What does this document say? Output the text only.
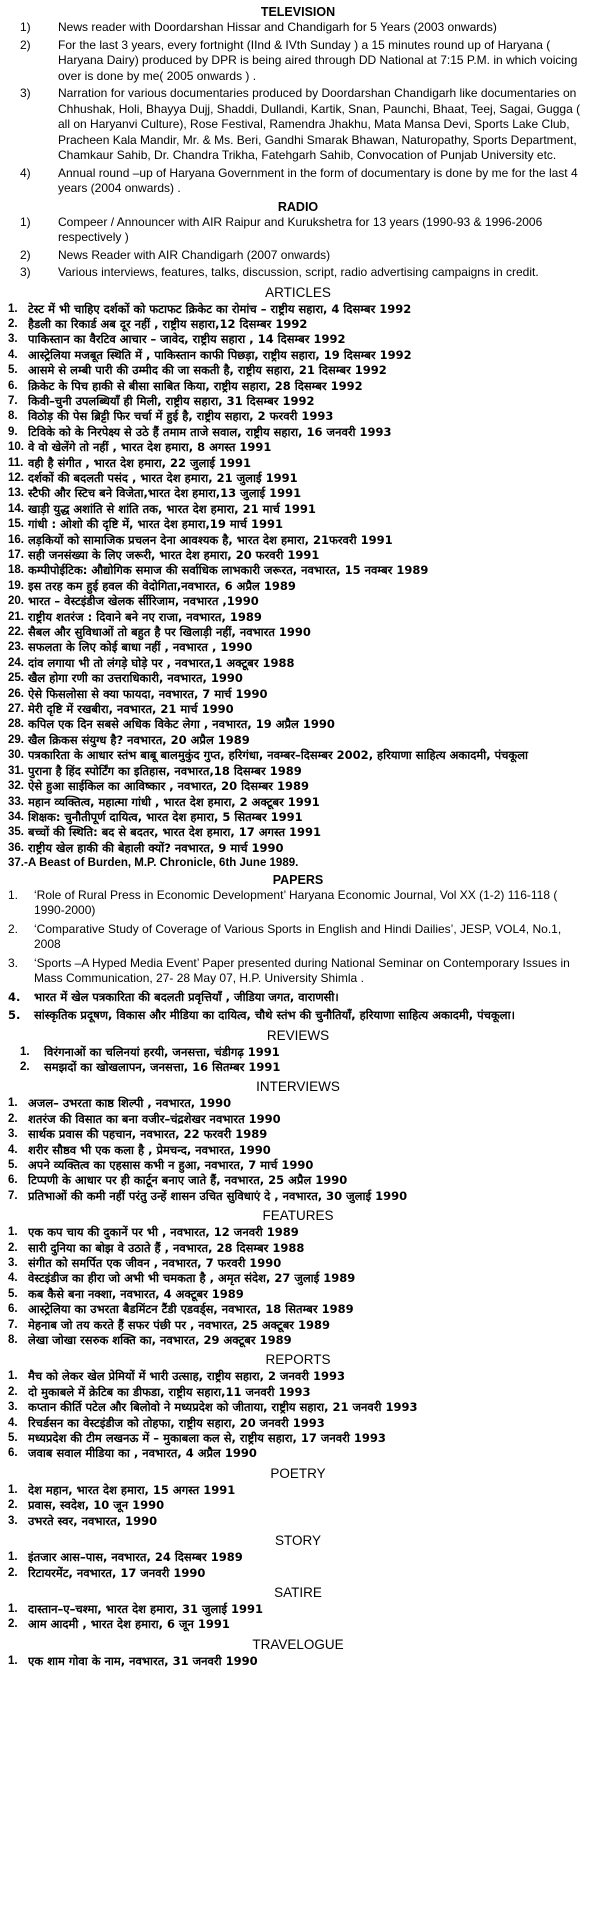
TELEVISION
1)	News reader with Doordarshan Hissar and Chandigarh for 5 Years (2003 onwards)
2)	For the last 3 years, every fortnight (IInd & IVth Sunday ) a 15 minutes round up of Haryana ( Haryana Dairy) produced by DPR is being aired through DD National at 7:15 P.M. in which voicing over is done by me( 2005 onwards ) .
3)	Narration for various documentaries produced by Doordarshan Chandigarh like documentaries on Chhushak, Holi, Bhayya Dujj, Shaddi, Dullandi, Kartik, Snan, Paunchi, Bhaat, Teej, Sagai, Gugga ( all on Haryanvi Culture), Rose Festival, Ramendra Jhakhu, Mata Mansa Devi, Sports Lake Club, Pracheen Kala Mandir, Mr. & Ms. Beri, Gandhi Smarak Bhawan, Naturopathy, Sports Department, Chamkaur Sahib, Dr. Chandra Trikha, Fatehgarh Sahib, Convocation of Punjab University etc.
4)	Annual round –up of Haryana Government in the form of documentary is done by me for the last 4 years (2004 onwards) .
RADIO
1)	Compeer / Announcer with AIR Raipur and Kurukshetra for 13 years (1990-93 & 1996-2006 respectively )
2)	News Reader with AIR Chandigarh (2007 onwards)
3)	Various interviews, features, talks, discussion, script, radio advertising campaigns in credit.
ARTICLES
1. टेस्ट में भी चाहिए दर्शकों को फटाफट क्रिकेट का रोमांच – राष्ट्रीय सहारा, 4 दिसम्बर 1992
2. हैडली का रिकार्ड अब दूर नहीं , राष्ट्रीय सहारा,12 दिसम्बर 1992
3. पाकिस्तान का वैरटिव आचार – जावेद, राष्ट्रीय सहारा , 14 दिसम्बर 1992
4. आस्ट्रेलिया मजबूत स्थिति में , पाकिस्तान काफी पिछड़ा, राष्ट्रीय सहारा, 19 दिसम्बर 1992
5. आसमे से लम्बी पारी की उम्मीद की जा सकती है, राष्ट्रीय सहारा, 21 दिसम्बर 1992
6. क्रिकेट के पिच हाकी से बीसा साबित किया, राष्ट्रीय सहारा, 28 दिसम्बर 1992
7. किवी–चुनी उपलब्धियाँ ही मिली, राष्ट्रीय सहारा, 31 दिसम्बर 1992
8. विठोड़ की पेस ब्रिट्टी फिर चर्चा में हुई है, राष्ट्रीय सहारा, 2 फरवरी 1993
9. टिविके को के निरपेक्ष्य से उठे हैं तमाम ताजे सवाल, राष्ट्रीय सहारा, 16 जनवरी 1993
10. वे वो खेलेंगे तो नहीं , भारत देश हमारा, 8 अगस्त 1991
11. वही है संगीत , भारत देश हमारा, 22 जुलाई 1991
12. दर्शकों की बदलती पसंद , भारत देश हमारा, 21 जुलाई 1991
13. स्टैफी और स्टिच बने विजेता,भारत देश हमारा,13 जुलाई 1991
14. खाड़ी युद्ध अशांति से शांति तक, भारत देश हमारा, 21 मार्च 1991
15. गांधी : ओशो की दृष्टि में, भारत देश हमारा,19 मार्च 1991
16. लड़कियों को सामाजिक प्रचलन देना आवश्यक है, भारत देश हमारा, 21फरवरी 1991
17. सही जनसंख्या के लिए जरूरी, भारत देश हमारा, 20 फरवरी 1991
18. कम्पीपोईटिक: औद्योगिक समाज की सर्वाधिक लाभकारी जरूरत, नवभारत, 15 नवम्बर 1989
19. इस तरह कम हुई हवल की वेदोगिता,नवभारत, 6 अप्रैल 1989
20. भारत – वेस्टइंडीज खेलक र्सीरिजाम, नवभारत ,1990
21. राष्ट्रीय शतरंज : दिवाने बने नए राजा, नवभारत, 1989
22. सैबल और सुविधाओं तो बहुत है पर खिलाड़ी नहीं, नवभारत 1990
23. सफलता के लिए कोई बाधा नहीं , नवभारत , 1990
24. दांव लगाया भी तो लंगड़े घोड़े पर , नवभारत,1 अक्टूबर 1988
25. खैल होगा रणी का उत्तराधिकारी, नवभारत, 1990
26. ऐसे फिसलोसा से क्या फायदा, नवभारत, 7 मार्च 1990
27. मेरी दृष्टि में रखबीरा, नवभारत, 21 मार्च 1990
28. कपिल एक दिन सबसे अधिक विकेट लेगा , नवभारत, 19 अप्रैल 1990
29. खैल क्रिकस संयुग्ध है? नवभारत, 20 अप्रैल 1989
30. पत्रकारिता के आधार स्तंभ बाबू बालमुकुंद गुप्त, हरिगंधा, नवम्बर–दिसम्बर 2002, हरियाणा साहित्य अकादमी, पंचकूला
31. पुराना है हिंद स्पोर्टिंग का इतिहास, नवभारत,18 दिसम्बर 1989
32. ऐसे हुआ साईकिल का आविष्कार , नवभारत, 20 दिसम्बर 1989
33. महान व्यक्तित्व, महात्मा गांधी , भारत देश हमारा, 2 अक्टूबर 1991
34. शिक्षक: चुनौतीपूर्ण दायित्व, भारत देश हमारा, 5 सितम्बर 1991
35. बच्चों की स्थिति: बद से बदतर, भारत देश हमारा, 17 अगस्त 1991
36. राष्ट्रीय खेल हाकी की बेहाली क्यों? नवभारत, 9 मार्च 1990
37.- A Beast of Burden, M.P. Chronicle, 6th June 1989.
PAPERS
1.	‘Role of Rural Press in Economic Development’ Haryana Economic Journal, Vol XX (1-2) 116-118 ( 1990-2000)
2.	‘Comparative Study of Coverage of Various Sports in English and Hindi Dailies’, JESP, VOL4, No.1, 2008
3.	‘Sports –A Hyped Media Event’ Paper presented during National Seminar on Contemporary Issues in Mass Communication, 27- 28 May 07, H.P. University Shimla .
4.	भारत में खेल पत्रकारिता की बदलती प्रवृत्तियाँ , जीडिया जगत, वाराणसी।
5.	सांस्कृतिक प्रदूषण, विकास और मीडिया का दायित्व, चौथे स्तंभ की चुनौतियाँ, हरियाणा साहित्य अकादमी, पंचकूला।
REVIEWS
1.	विरंगनाओं का चलिनयां हरयी, जनसत्ता, चंडीगढ़ 1991
2.	समझदों का खोखलापन, जनसत्ता, 16 सितम्बर 1991
INTERVIEWS
1. अजल– उभरता काष्ठ शिल्पी , नवभारत, 1990
2. शतरंज की विसात का बना वजीर–चंद्रशेखर नवभारत 1990
3. सार्थक प्रवास की पहचान, नवभारत, 22 फरवरी 1989
4. शरीर सौष्ठव भी एक कला है , प्रेमचन्द, नवभारत, 1990
5. अपने व्यक्तित्व का एहसास कभी न हुआ, नवभारत, 7 मार्च 1990
6. टिप्पणी के आधार पर ही कार्टून बनाए जाते हैं, नवभारत, 25 अप्रैल 1990
7. प्रतिभाओं की कमी नहीं परंतु उन्हें शासन उचित सुविधाएं दे , नवभारत, 30 जुलाई 1990
FEATURES
1. एक कप चाय की दुकानें पर भी , नवभारत, 12 जनवरी 1989
2. सारी दुनिया का बोझ वे उठाते हैं , नवभारत, 28 दिसम्बर 1988
3. संगीत को समर्पित एक जीवन , नवभारत, 7 फरवरी 1990
4. वेस्टइंडीज का हीरा जो अभी भी चमकता है , अमृत संदेश, 27 जुलाई 1989
5. कब कैसे बना नक्शा, नवभारत, 4 अक्टूबर 1989
6. आस्ट्रेलिया का उभरता बैडमिंटन टैंडी एडवर्ड्स, नवभारत, 18 सितम्बर 1989
7. मेहनाब जो तय करते हैं सफर पंछी पर , नवभारत, 25 अक्टूबर 1989
8. लेखा जोखा रसरुक शक्ति का, नवभारत, 29 अक्टूबर 1989
REPORTS
1. मैच को लेकर खेल प्रेमियों में भारी उत्साह, राष्ट्रीय सहारा, 2 जनवरी 1993
2. दो मुकाबले में क्रेटिब का डीफडा, राष्ट्रीय सहारा,11 जनवरी 1993
3. कप्तान कीर्ति पटेल और बिलोवो ने मध्यप्रदेश को जीताया, राष्ट्रीय सहारा, 21 जनवरी 1993
4. रिचर्डसन का वेस्टइंडीज को तोहफा, राष्ट्रीय सहारा, 20 जनवरी 1993
5. मध्यप्रदेश की टीम लखनऊ में – मुकाबला कल से, राष्ट्रीय सहारा, 17 जनवरी 1993
6. जवाब सवाल मीडिया का , नवभारत, 4 अप्रैल 1990
POETRY
1. देश महान, भारत देश हमारा, 15 अगस्त 1991
2. प्रवास, स्वदेश, 10 जून 1990
3. उभरते स्वर, नवभारत, 1990
STORY
1. इंतजार आस–पास, नवभारत, 24 दिसम्बर 1989
2. रिटायरमेंट, नवभारत, 17 जनवरी 1990
SATIRE
1. दास्तान–ए–चश्मा, भारत देश हमारा, 31 जुलाई 1991
2. आम आदमी , भारत देश हमारा, 6 जून 1991
TRAVELOGUE
1. एक शाम गोवा के नाम, नवभारत, 31 जनवरी 1990
